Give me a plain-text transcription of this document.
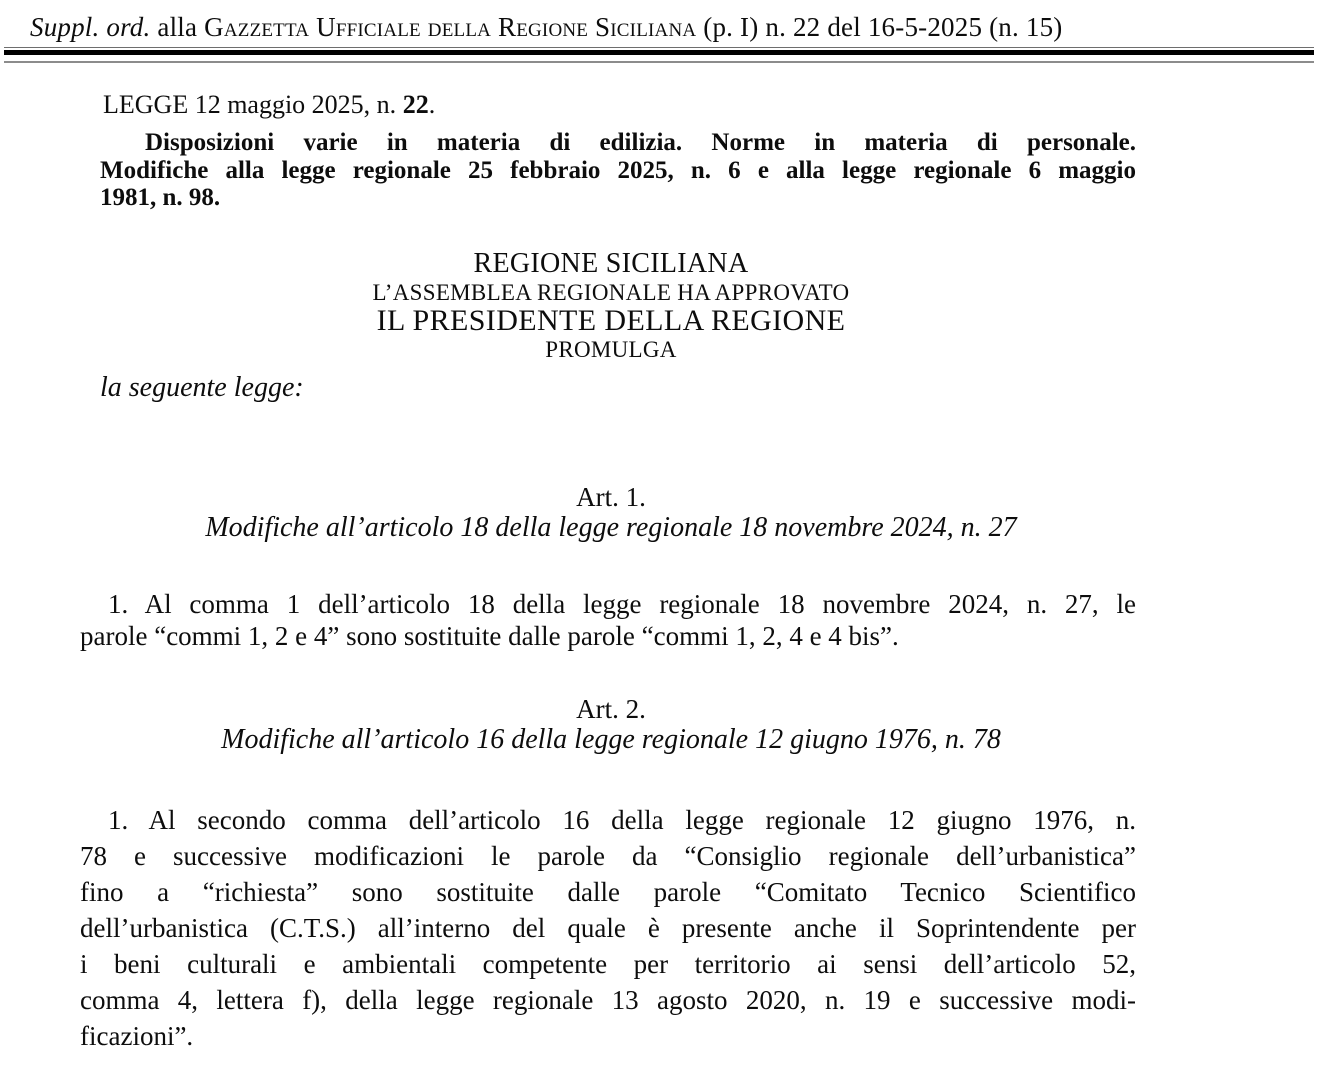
Suppl. ord. alla Gazzetta Ufficiale della Regione Siciliana (p. I) n. 22 del 16-5-2025 (n. 15)
LEGGE 12 maggio 2025, n. 22.
Disposizioni varie in materia di edilizia. Norme in materia di personale.
Modifiche alla legge regionale 25 febbraio 2025, n. 6 e alla legge regionale 6 maggio
1981, n. 98.
REGIONE SICILIANA
L’ASSEMBLEA REGIONALE HA APPROVATO
IL PRESIDENTE DELLA REGIONE
PROMULGA
la seguente legge:
Art. 1.
Modifiche all’articolo 18 della legge regionale 18 novembre 2024, n. 27
1. Al comma 1 dell’articolo 18 della legge regionale 18 novembre 2024, n. 27, le
parole “commi 1, 2 e 4” sono sostituite dalle parole “commi 1, 2, 4 e 4 bis”.
Art. 2.
Modifiche all’articolo 16 della legge regionale 12 giugno 1976, n. 78
1. Al secondo comma dell’articolo 16 della legge regionale 12 giugno 1976, n.
78 e successive modificazioni le parole da “Consiglio regionale dell’urbanistica”
fino a “richiesta” sono sostituite dalle parole “Comitato Tecnico Scientifico
dell’urbanistica (C.T.S.) all’interno del quale è presente anche il Soprintendente per
i beni culturali e ambientali competente per territorio ai sensi dell’articolo 52,
comma 4, lettera f), della legge regionale 13 agosto 2020, n. 19 e successive modi-
ficazioni”.
